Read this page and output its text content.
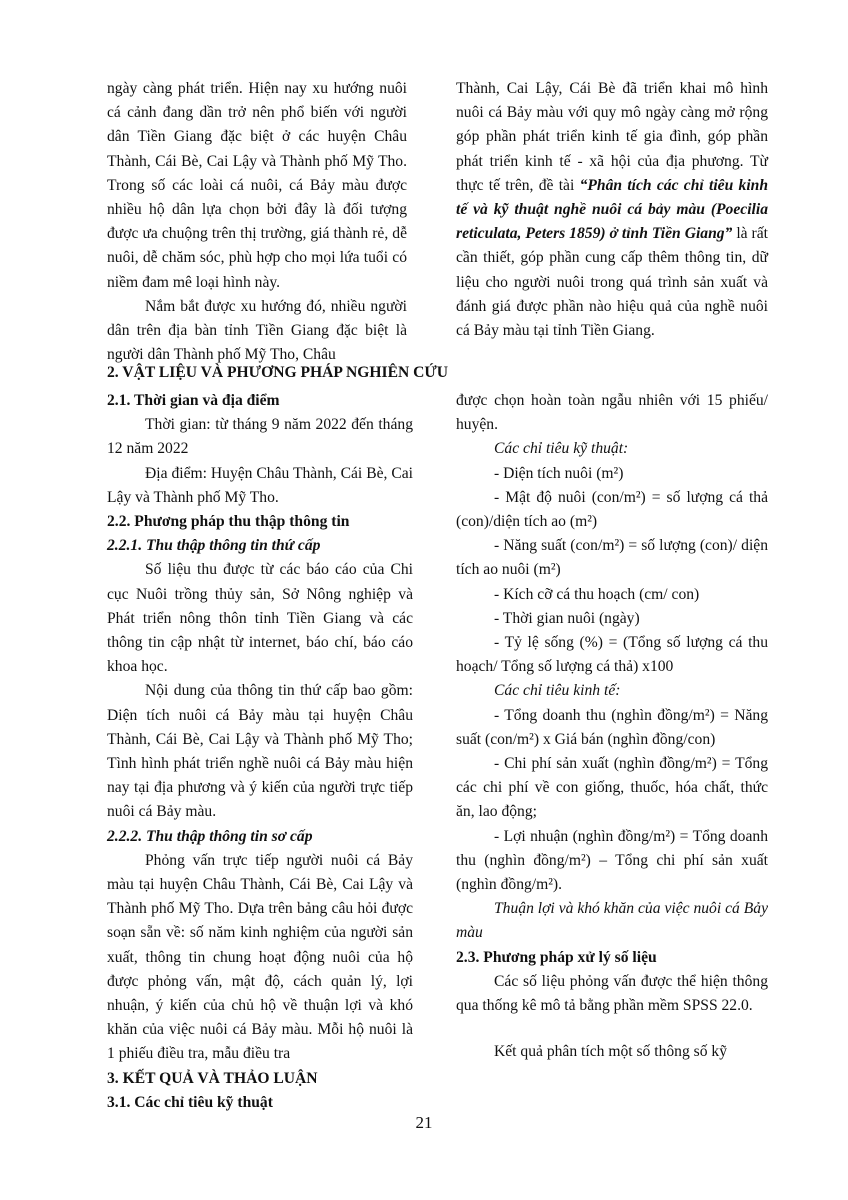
ngày càng phát triển. Hiện nay xu hướng nuôi cá cảnh đang dần trở nên phổ biến với người dân Tiền Giang đặc biệt ở các huyện Châu Thành, Cái Bè, Cai Lậy và Thành phố Mỹ Tho. Trong số các loài cá nuôi, cá Bảy màu được nhiều hộ dân lựa chọn bởi đây là đối tượng được ưa chuộng trên thị trường, giá thành rẻ, dễ nuôi, dễ chăm sóc, phù hợp cho mọi lứa tuổi có niềm đam mê loại hình này.

Nắm bắt được xu hướng đó, nhiều người dân trên địa bàn tỉnh Tiền Giang đặc biệt là người dân Thành phố Mỹ Tho, Châu

Thành, Cai Lậy, Cái Bè đã triển khai mô hình nuôi cá Bảy màu với quy mô ngày càng mở rộng góp phần phát triển kinh tế gia đình, góp phần phát triển kinh tế - xã hội của địa phương. Từ thực tế trên, đề tài “Phân tích các chỉ tiêu kinh tế và kỹ thuật nghề nuôi cá bảy màu (Poecilia reticulata, Peters 1859) ở tỉnh Tiền Giang” là rất cần thiết, góp phần cung cấp thêm thông tin, dữ liệu cho người nuôi trong quá trình sản xuất và đánh giá được phần nào hiệu quả của nghề nuôi cá Bảy màu tại tỉnh Tiền Giang.

2. VẬT LIỆU VÀ PHƯƠNG PHÁP NGHIÊN CỨU

2.1. Thời gian và địa điểm

Thời gian: từ tháng 9 năm 2022 đến tháng 12 năm 2022

Địa điểm: Huyện Châu Thành, Cái Bè, Cai Lậy và Thành phố Mỹ Tho.

2.2. Phương pháp thu thập thông tin

2.2.1. Thu thập thông tin thứ cấp

Số liệu thu được từ các báo cáo của Chi cục Nuôi trồng thủy sản, Sở Nông nghiệp và Phát triển nông thôn tỉnh Tiền Giang và các thông tin cập nhật từ internet, báo chí, báo cáo khoa học.

Nội dung của thông tin thứ cấp bao gồm: Diện tích nuôi cá Bảy màu tại huyện Châu Thành, Cái Bè, Cai Lậy và Thành phố Mỹ Tho; Tình hình phát triển nghề nuôi cá Bảy màu hiện nay tại địa phương và ý kiến của người trực tiếp nuôi cá Bảy màu.

2.2.2. Thu thập thông tin sơ cấp

Phỏng vấn trực tiếp người nuôi cá Bảy màu tại huyện Châu Thành, Cái Bè, Cai Lậy và Thành phố Mỹ Tho. Dựa trên bảng câu hỏi được soạn sẵn về: số năm kinh nghiệm của người sản xuất, thông tin chung hoạt động nuôi của hộ được phỏng vấn, mật độ, cách quản lý, lợi nhuận, ý kiến của chủ hộ về thuận lợi và khó khăn của việc nuôi cá Bảy màu. Mỗi hộ nuôi là 1 phiếu điều tra, mẫu điều tra

3. KẾT QUẢ VÀ THẢO LUẬN

3.1. Các chỉ tiêu kỹ thuật

được chọn hoàn toàn ngẫu nhiên với 15 phiếu/ huyện.

Các chỉ tiêu kỹ thuật:

- Diện tích nuôi (m²)

- Mật độ nuôi (con/m²) = số lượng cá thả (con)/diện tích ao (m²)

- Năng suất (con/m²) = số lượng (con)/ diện tích ao nuôi (m²)

- Kích cỡ cá thu hoạch (cm/ con)

- Thời gian nuôi (ngày)

- Tỷ lệ sống (%) = (Tổng số lượng cá thu hoạch/ Tổng số lượng cá thả) x100

Các chỉ tiêu kinh tế:

- Tổng doanh thu (nghìn đồng/m²) = Năng suất (con/m²) x Giá bán (nghìn đồng/con)

- Chi phí sản xuất (nghìn đồng/m²) = Tổng các chi phí về con giống, thuốc, hóa chất, thức ăn, lao động;

- Lợi nhuận (nghìn đồng/m²) = Tổng doanh thu (nghìn đồng/m²) – Tổng chi phí sản xuất (nghìn đồng/m²).

Thuận lợi và khó khăn của việc nuôi cá Bảy màu

2.3. Phương pháp xử lý số liệu

Các số liệu phỏng vấn được thể hiện thông qua thống kê mô tả bằng phần mềm SPSS 22.0.

Kết quả phân tích một số thông số kỹ

21
